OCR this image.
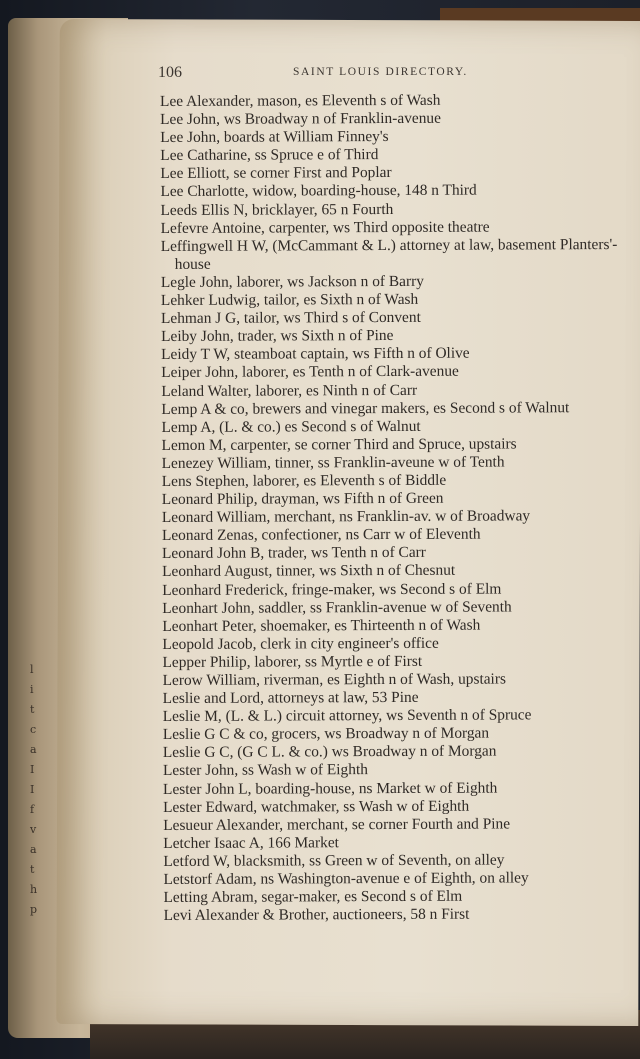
l
i
t
c
a
I
I
f
v
a
t
h
p
106	SAINT LOUIS DIRECTORY.
Lee Alexander, mason, es Eleventh s of Wash
Lee John, ws Broadway n of Franklin-avenue
Lee John, boards at William Finney's
Lee Catharine, ss Spruce e of Third
Lee Elliott, se corner First and Poplar
Lee Charlotte, widow, boarding-house, 148 n Third
Leeds Ellis N, bricklayer, 65 n Fourth
Lefevre Antoine, carpenter, ws Third opposite theatre
Leffingwell H W, (McCammant & L.) attorney at law, basement Planters'-house
Legle John, laborer, ws Jackson n of Barry
Lehker Ludwig, tailor, es Sixth n of Wash
Lehman J G, tailor, ws Third s of Convent
Leiby John, trader, ws Sixth n of Pine
Leidy T W, steamboat captain, ws Fifth n of Olive
Leiper John, laborer, es Tenth n of Clark-avenue
Leland Walter, laborer, es Ninth n of Carr
Lemp A & co, brewers and vinegar makers, es Second s of Walnut
Lemp A, (L. & co.) es Second s of Walnut
Lemon M, carpenter, se corner Third and Spruce, upstairs
Lenezey William, tinner, ss Franklin-aveune w of Tenth
Lens Stephen, laborer, es Eleventh s of Biddle
Leonard Philip, drayman, ws Fifth n of Green
Leonard William, merchant, ns Franklin-av. w of Broadway
Leonard Zenas, confectioner, ns Carr w of Eleventh
Leonard John B, trader, ws Tenth n of Carr
Leonhard August, tinner, ws Sixth n of Chesnut
Leonhard Frederick, fringe-maker, ws Second s of Elm
Leonhart John, saddler, ss Franklin-avenue w of Seventh
Leonhart Peter, shoemaker, es Thirteenth n of Wash
Leopold Jacob, clerk in city engineer's office
Lepper Philip, laborer, ss Myrtle e of First
Lerow William, riverman, es Eighth n of Wash, upstairs
Leslie and Lord, attorneys at law, 53 Pine
Leslie M, (L. & L.) circuit attorney, ws Seventh n of Spruce
Leslie G C & co, grocers, ws Broadway n of Morgan
Leslie G C, (G C L. & co.) ws Broadway n of Morgan
Lester John, ss Wash w of Eighth
Lester John L, boarding-house, ns Market w of Eighth
Lester Edward, watchmaker, ss Wash w of Eighth
Lesueur Alexander, merchant, se corner Fourth and Pine
Letcher Isaac A, 166 Market
Letford W, blacksmith, ss Green w of Seventh, on alley
Letstorf Adam, ns Washington-avenue e of Eighth, on alley
Letting Abram, segar-maker, es Second s of Elm
Levi Alexander & Brother, auctioneers, 58 n First
